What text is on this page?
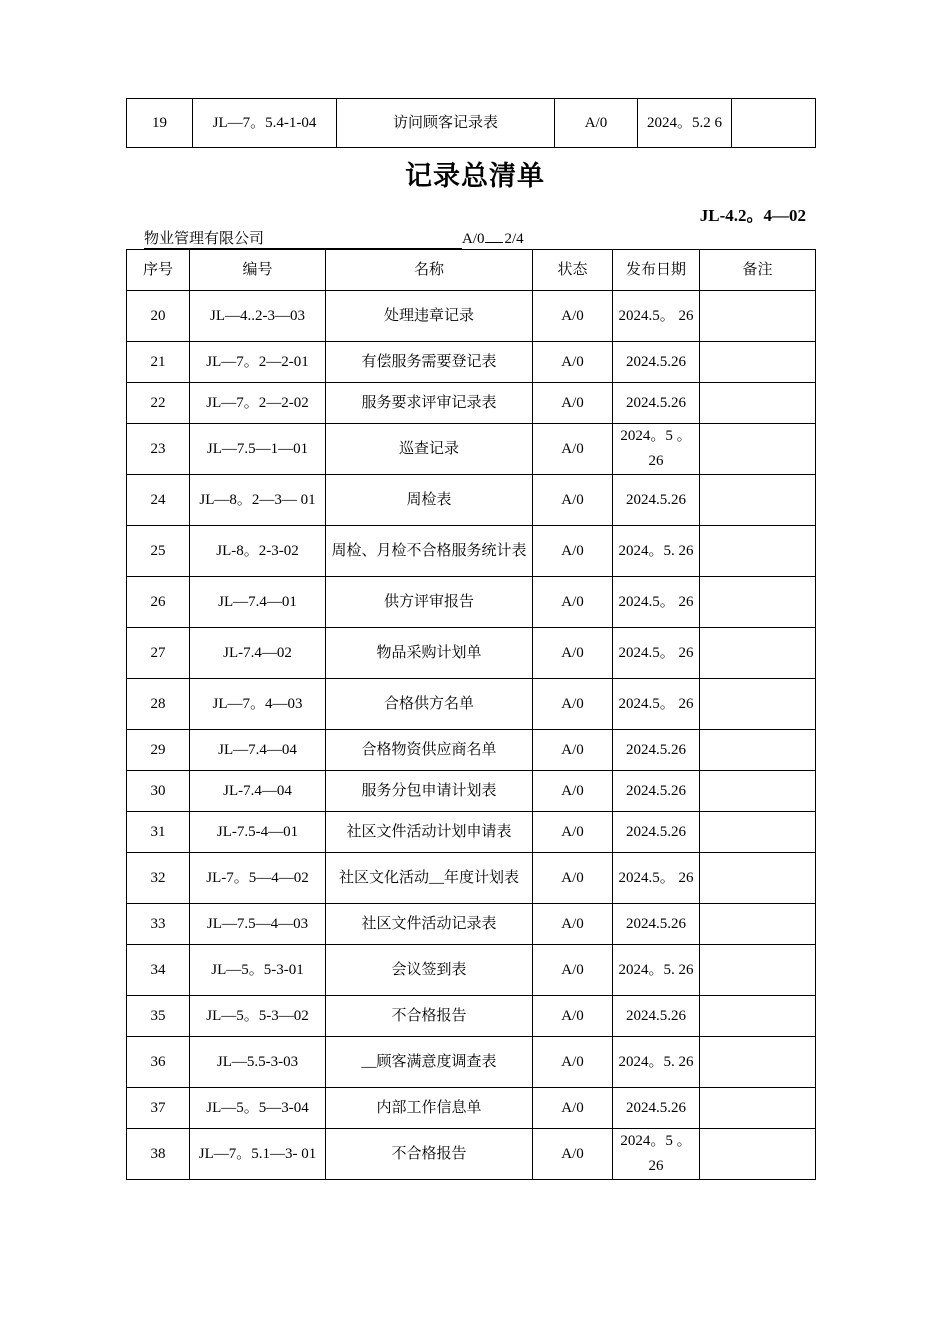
19	JL—7。5.4-1-04	访问顾客记录表	A/0	2024。5.2 6	
记录总清单
JL-4.2。4—02
物业管理有限公司	A/0 2/4
序号	编号	名称	状态	发布日期	备注
20	JL—4..2-3—03	处理违章记录	A/0	2024.5。 26	
21	JL—7。2—2-01	有偿服务需要登记表	A/0	2024.5.26	
22	JL—7。2—2-02	服务要求评审记录表	A/0	2024.5.26	
23	JL—7.5—1—01	巡查记录	A/0	2024。5 。26	
24	JL—8。2—3— 01	周检表	A/0	2024.5.26	
25	JL-8。2-3-02	周检、月检不合格服务统计表	A/0	2024。5. 26	
26	JL—7.4—01	供方评审报告	A/0	2024.5。 26	
27	JL-7.4—02	物品采购计划单	A/0	2024.5。 26	
28	JL—7。4—03	合格供方名单	A/0	2024.5。 26	
29	JL—7.4—04	合格物资供应商名单	A/0	2024.5.26	
30	JL-7.4—04	服务分包申请计划表	A/0	2024.5.26	
31	JL-7.5-4—01	社区文件活动计划申请表	A/0	2024.5.26	
32	JL-7。5—4—02	社区文化活动__年度计划表	A/0	2024.5。 26	
33	JL—7.5—4—03	社区文件活动记录表	A/0	2024.5.26	
34	JL—5。5-3-01	会议签到表	A/0	2024。5. 26	
35	JL—5。5-3—02	不合格报告	A/0	2024.5.26	
36	JL—5.5-3-03	__顾客满意度调查表	A/0	2024。5. 26	
37	JL—5。5—3-04	内部工作信息单	A/0	2024.5.26	
38	JL—7。5.1—3- 01	不合格报告	A/0	2024。5 。26	
